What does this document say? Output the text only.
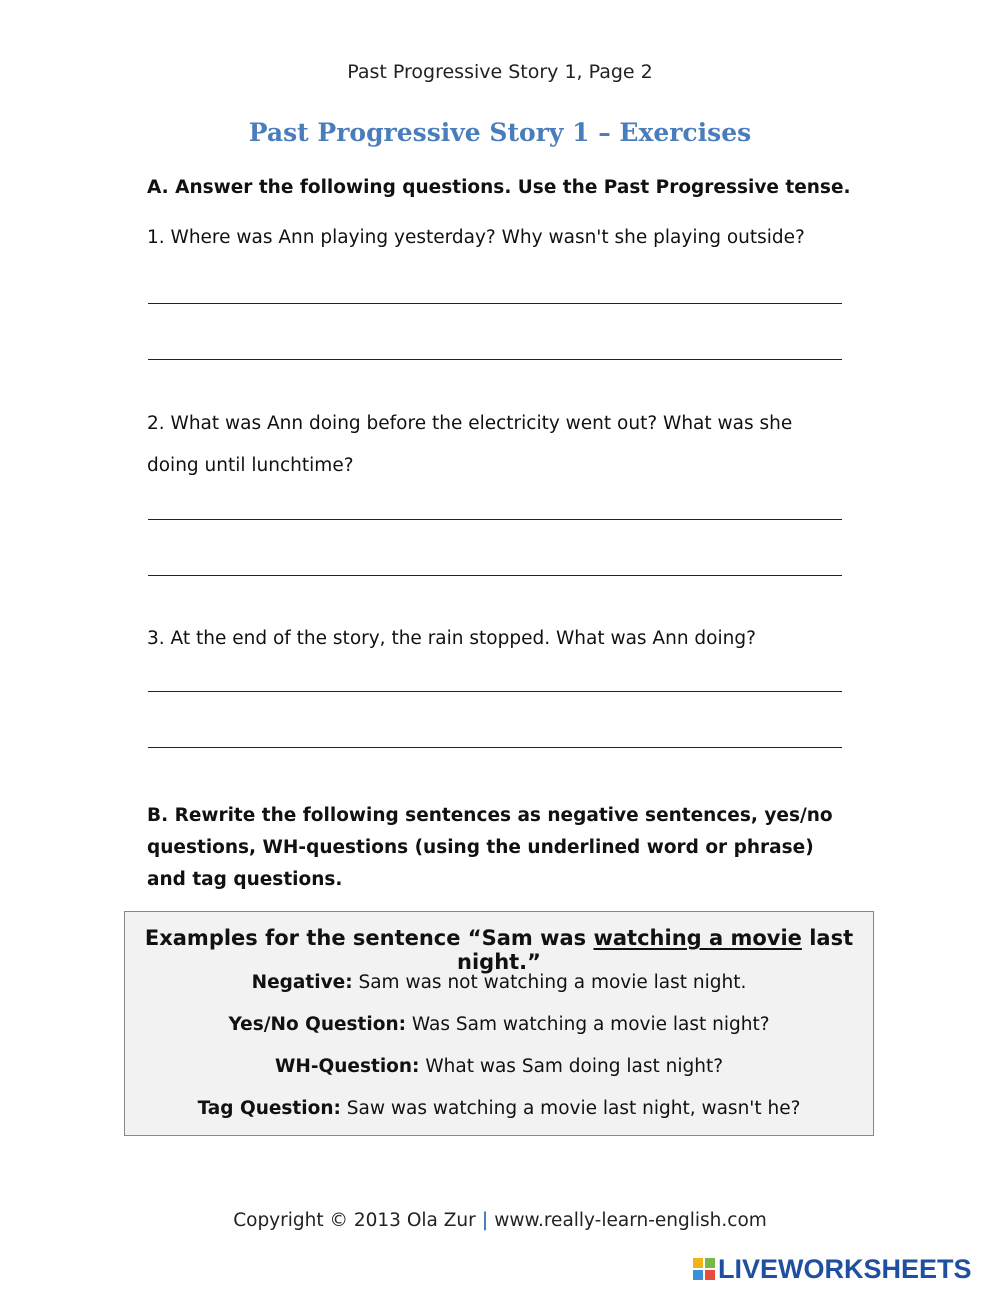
Past Progressive Story 1, Page 2
Past Progressive Story 1 – Exercises
A. Answer the following questions. Use the Past Progressive tense.
1. Where was Ann playing yesterday? Why wasn't she playing outside?
2. What was Ann doing before the electricity went out? What was she
doing until lunchtime?
3. At the end of the story, the rain stopped. What was Ann doing?
B. Rewrite the following sentences as negative sentences, yes/no questions, WH-questions (using the underlined word or phrase) and tag questions.
Examples for the sentence “Sam was watching a movie last night.”
Negative: Sam was not watching a movie last night.
Yes/No Question: Was Sam watching a movie last night?
WH-Question: What was Sam doing last night?
Tag Question: Saw was watching a movie last night, wasn't he?
Copyright © 2013 Ola Zur | www.really-learn-english.com
LIVEWORKSHEETS
